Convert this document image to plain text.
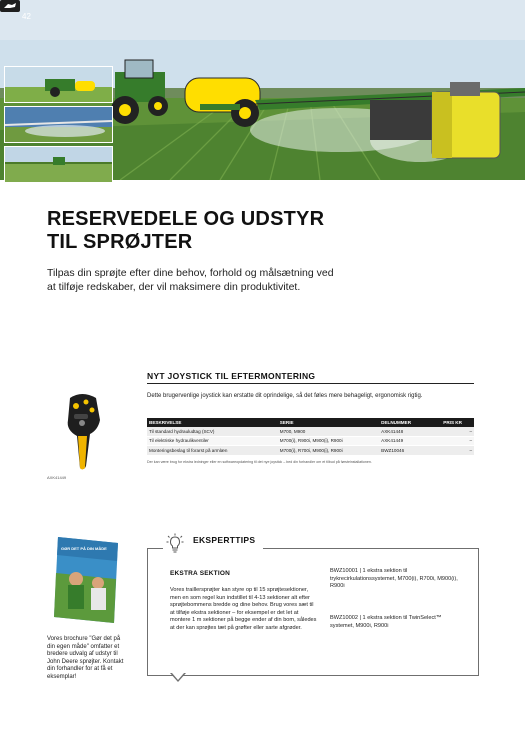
42
RESERVEDELE OG UDSTYR
TIL SPRØJTER
Tilpas din sprøjte efter dine behov, forhold og målsætning ved at tilføje redskaber, der vil maksimere din produktivitet.
AXK41449
NYT JOYSTICK TIL EFTERMONTERING
Dette brugervenlige joystick kan erstatte dit oprindelige, så det føles mere behageligt, ergonomisk rigtig.
BESKRIVELSE	SERIE	DELNUMMER	PRIS KR
Til standard hydrauludtag (SCV)	M700, M900	AXK41448	–
Til elektriske hydraulikventiler	M700(i), R900i, M900(i), R900i	AXK41449	–
Monteringsbeslag til forarst på armlæn	M700(i), R700i, M900(i), R900i	BWZ10046	–
Der kan være brug for ekstra ledninger eller en softwareopdatering til det nye joystick – bed din forhandler om et tilbud på førsteinstallationen.
GØR DET PÅ DIN MÅDE
Vores brochure "Gør det på din egen måde" omfatter et bredere udvalg af udstyr til John Deere sprøjter. Kontakt din forhandler for at få et eksemplar!
EKSPERTTIPS
EKSTRA SEKTION
Vores traillersprøjter kan styre op til 15 sprøjtesektioner, men en som regel kun indstillet til 4-13 sektioner alt efter sprøjtebommens bredde og dine behov. Brug vores sæt til at tilføje ekstra sektioner – for eksempel er det let at montere 1 m sektioner på begge ender af din bom, således at der kan sprøjtes tæt på grøfter eller sarte afgrøder.
BWZ10001 | 1 ekstra sektion til trykrecirkulationssystemet, M700(i), R700i, M900(i), R900i
BWZ10002 | 1 ekstra sektion til TwinSelect™ systemet, M900i, R900i
